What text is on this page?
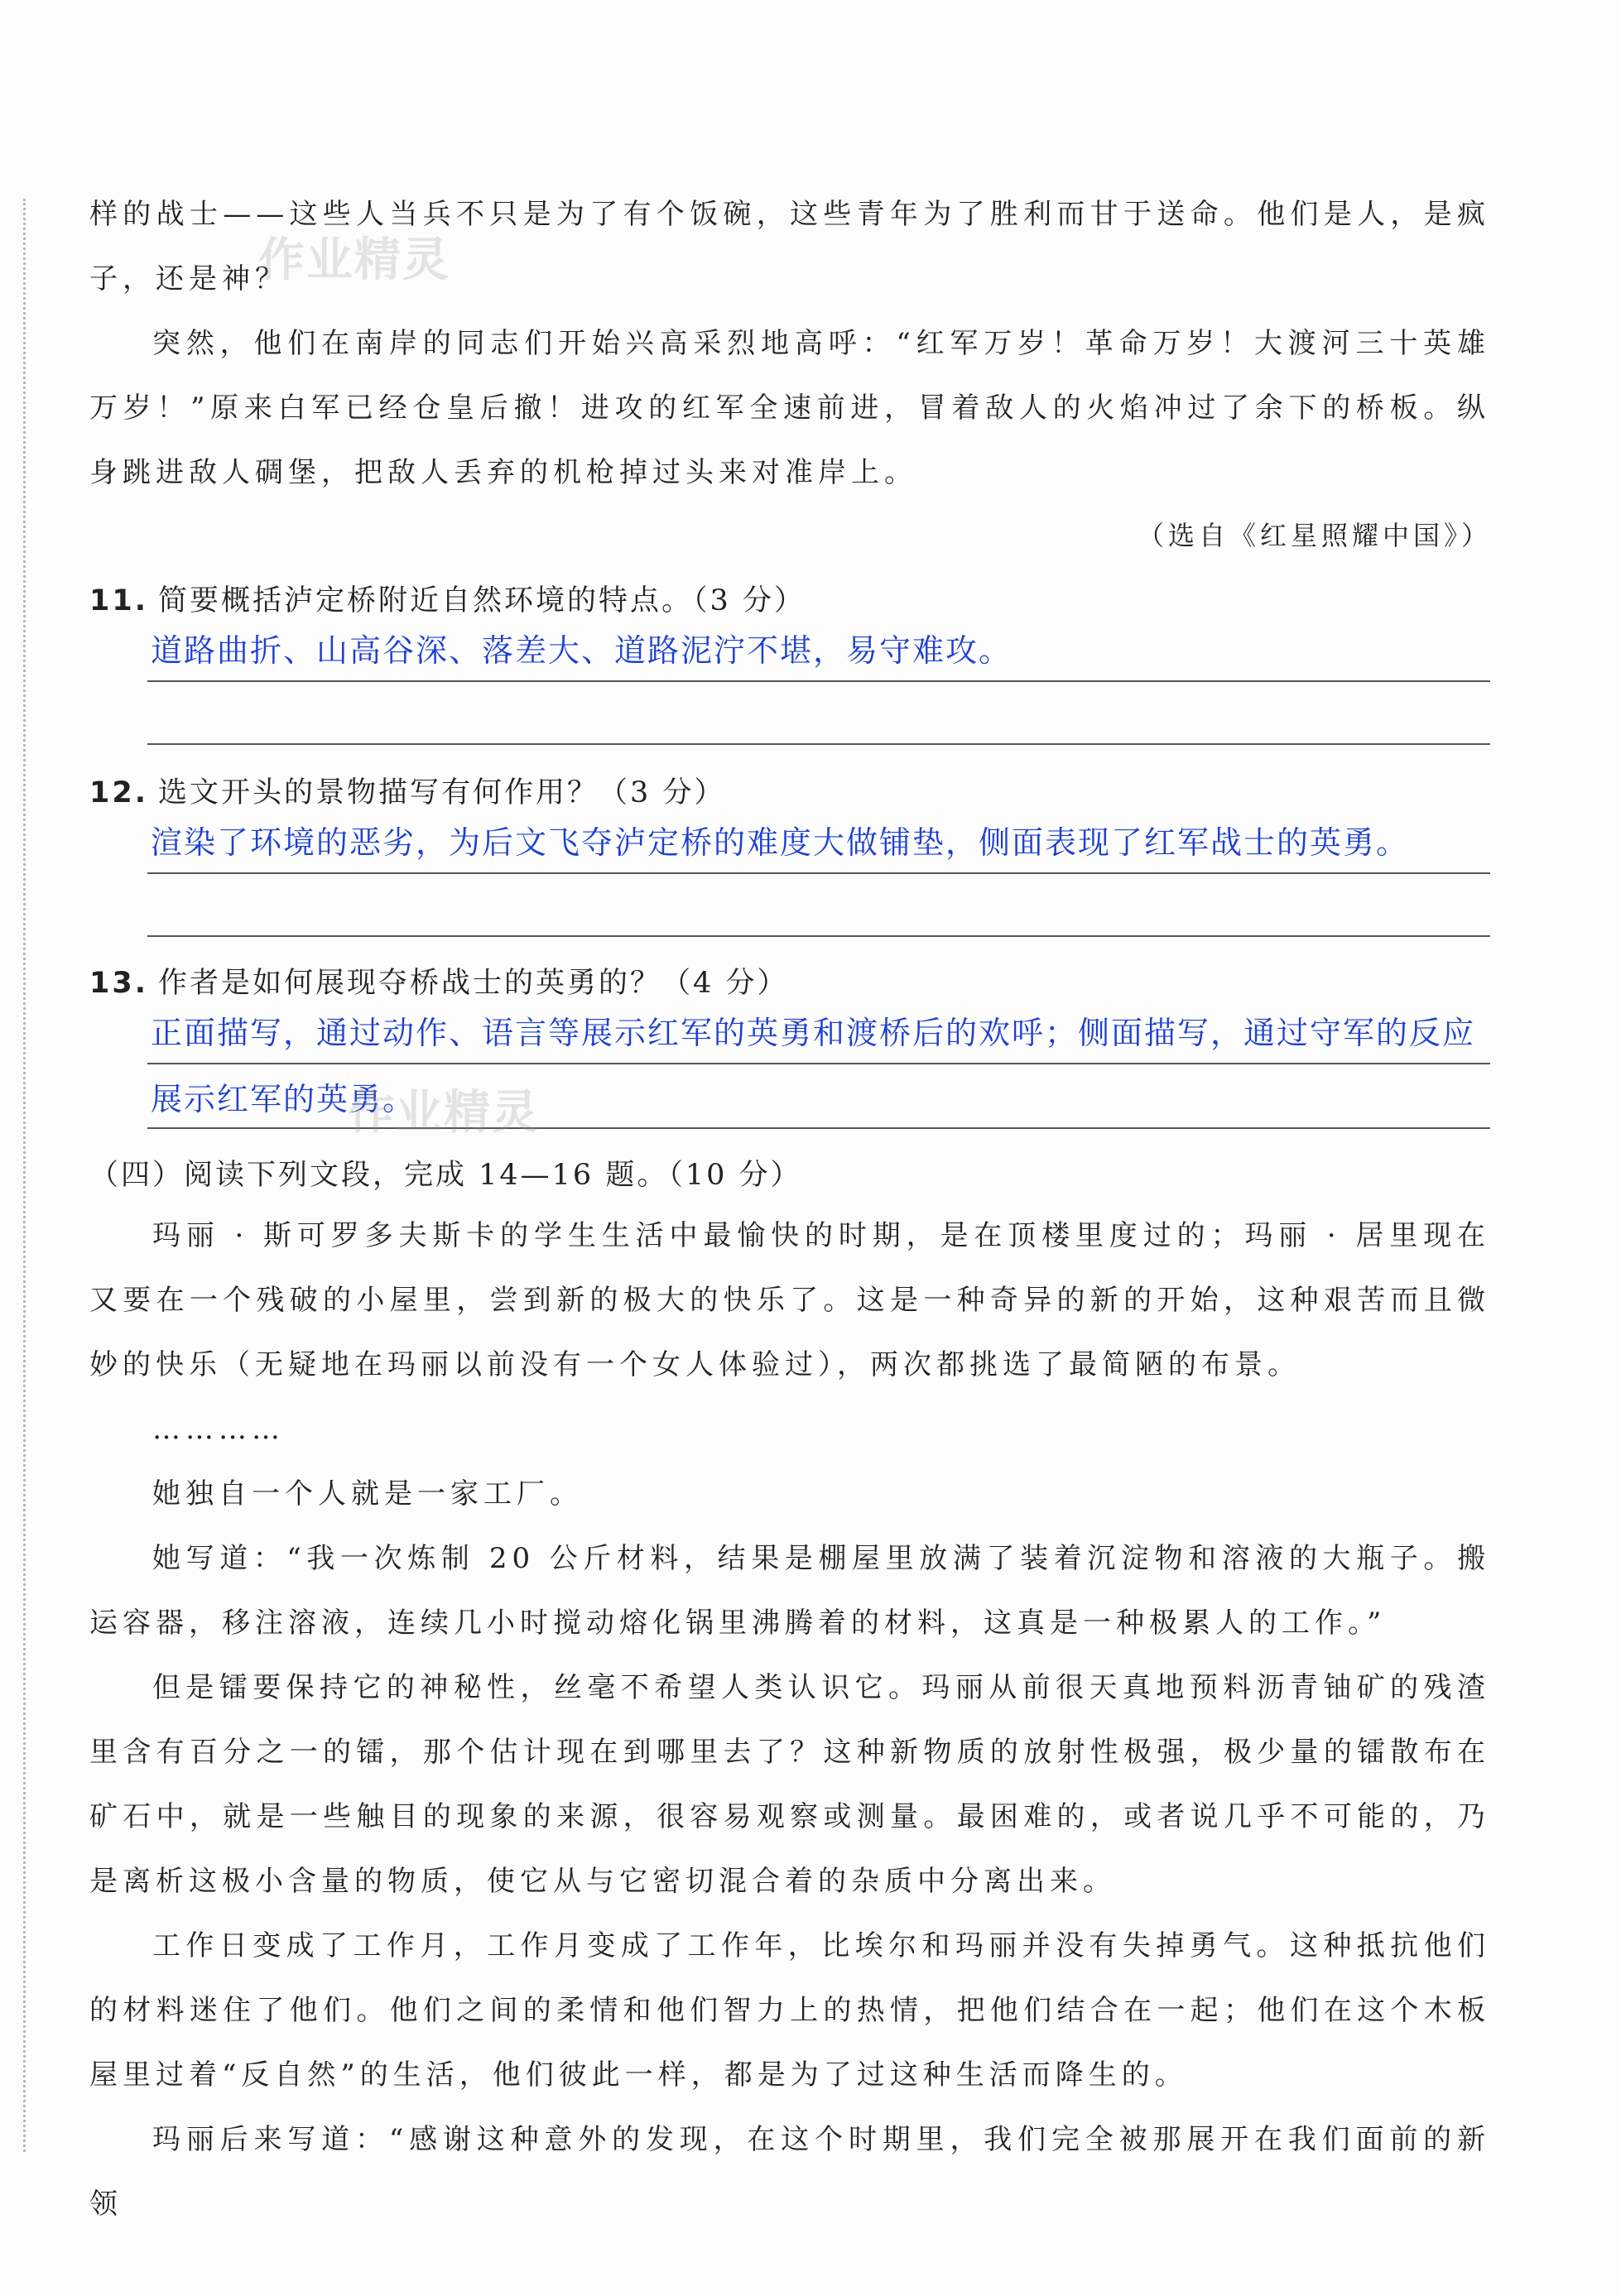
样的战士——这些人当兵不只是为了有个饭碗，这些青年为了胜利而甘于送命。他们是人，是疯子，还是神？

突然，他们在南岸的同志们开始兴高采烈地高呼：“红军万岁！革命万岁！大渡河三十英雄万岁！”原来白军已经仓皇后撤！进攻的红军全速前进，冒着敌人的火焰冲过了余下的桥板。纵身跳进敌人碉堡，把敌人丢弃的机枪掉过头来对准岸上。

（选自《红星照耀中国》）
11. 简要概括泸定桥附近自然环境的特点。（3 分）

道路曲折、山高谷深、落差大、道路泥泞不堪，易守难攻。

12. 选文开头的景物描写有何作用？（3 分）

渲染了环境的恶劣，为后文飞夺泸定桥的难度大做铺垫，侧面表现了红军战士的英勇。

13. 作者是如何展现夺桥战士的英勇的？（4 分）

正面描写，通过动作、语言等展示红军的英勇和渡桥后的欢呼；侧面描写，通过守军的反应展示红军的英勇。

（四）阅读下列文段，完成 14—16 题。（10 分）

玛丽 · 斯可罗多夫斯卡的学生生活中最愉快的时期，是在顶楼里度过的；玛丽 · 居里现在又要在一个残破的小屋里，尝到新的极大的快乐了。这是一种奇异的新的开始，这种艰苦而且微妙的快乐（无疑地在玛丽以前没有一个女人体验过），两次都挑选了最简陋的布景。

…………

她独自一个人就是一家工厂。

她写道：“我一次炼制 20 公斤材料，结果是棚屋里放满了装着沉淀物和溶液的大瓶子。搬运容器，移注溶液，连续几小时搅动熔化锅里沸腾着的材料，这真是一种极累人的工作。”

但是镭要保持它的神秘性，丝毫不希望人类认识它。玛丽从前很天真地预料沥青铀矿的残渣里含有百分之一的镭，那个估计现在到哪里去了？这种新物质的放射性极强，极少量的镭散布在矿石中，就是一些触目的现象的来源，很容易观察或测量。最困难的，或者说几乎不可能的，乃是离析这极小含量的物质，使它从与它密切混合着的杂质中分离出来。

工作日变成了工作月，工作月变成了工作年，比埃尔和玛丽并没有失掉勇气。这种抵抗他们的材料迷住了他们。他们之间的柔情和他们智力上的热情，把他们结合在一起；他们在这个木板屋里过着“反自然”的生活，他们彼此一样，都是为了过这种生活而降生的。

玛丽后来写道：“感谢这种意外的发现，在这个时期里，我们完全被那展开在我们面前的新领

作业精灵
作业精灵
